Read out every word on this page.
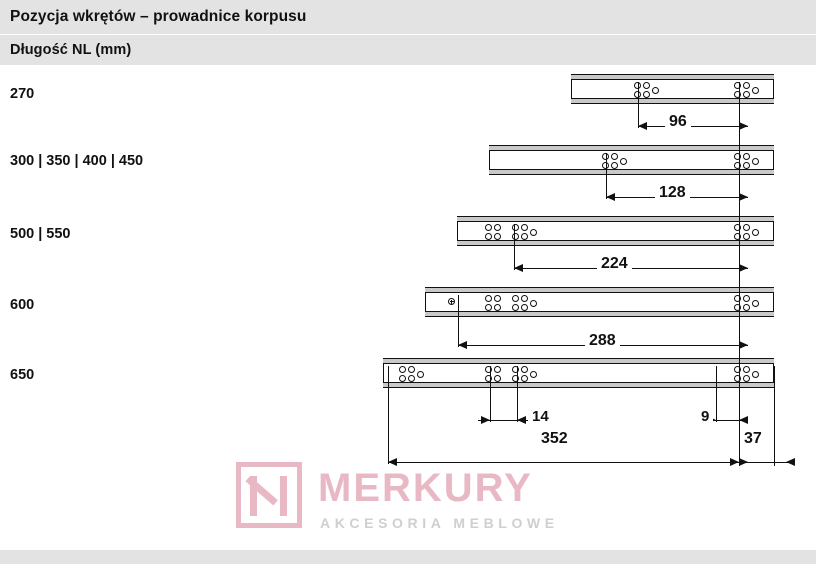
Pozycja wkrętów – prowadnice korpusu
Długość NL (mm)
270
300 | 350 | 400 | 450
500 | 550
600
650
96
128
224
288
14	9
352	37
MERKURY
AKCESORIA MEBLOWE
